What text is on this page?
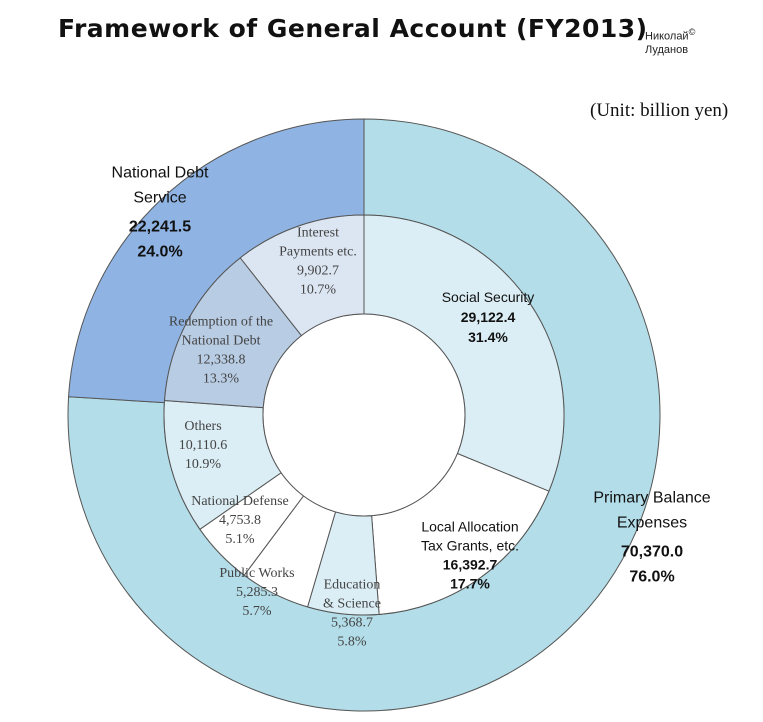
Framework of General Account (FY2013)
Николай©
Луданов
(Unit: billion yen)
Social Security 29,122.4 31.4%
Local Allocation Tax Grants, etc. 16,392.7 17.7%
Education & Science 5,368.7 5.8%
Public Works 5,285.3 5.7%
National Defense 4,753.8 5.1%
Others 10,110.6 10.9%
Redemption of the National Debt 12,338.8 13.3%
Interest Payments etc. 9,902.7 10.7%
Primary Balance Expenses 70,370.0 76.0%
National Debt Service 22,241.5 24.0%
